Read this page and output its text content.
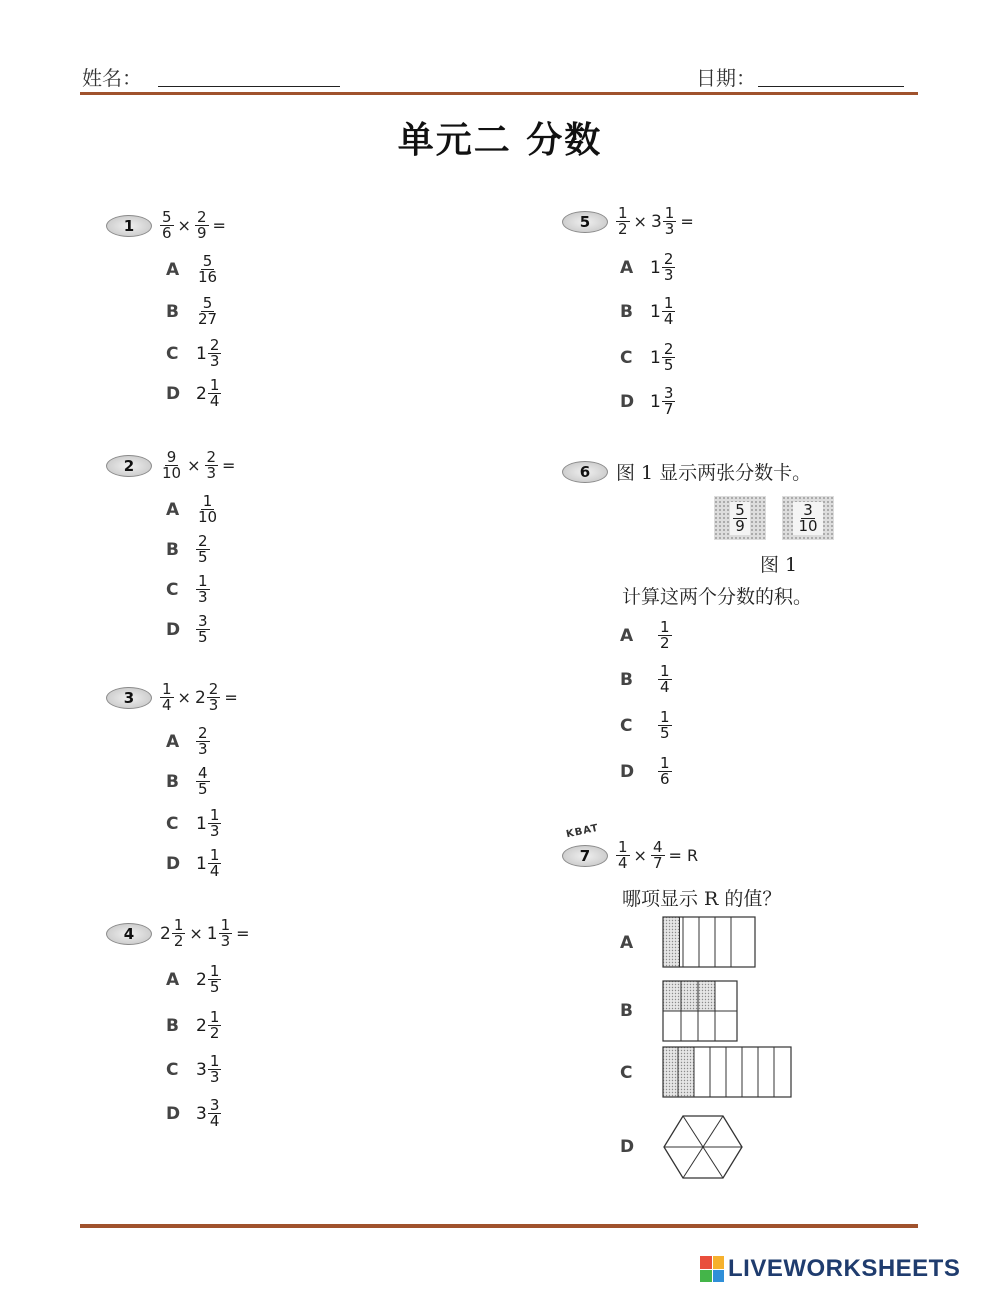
姓名：	日期：
单元二 分数
1	$\frac{5}{6} \times \frac{2}{9}$ =
A	$\frac{5}{16}$
B	$\frac{5}{27}$
C	$1 \frac{2}{3}$
D $2 \frac{1}{4}$
2	$\frac{9}{10} \times \frac{2}{3}$ =
A	$\frac{1}{10}$
B	$\frac{2}{5}$
C	$\frac{1}{3}$
D	$\frac{3}{5}$
3	$\frac{1}{4} \times 2 \frac{2}{3}$ =
A	$\frac{2}{3}$
B	$\frac{4}{5}$
C	$1 \frac{1}{3}$
D $1 \frac{1}{4}$
4	$2 \frac{1}{2} \times 1 \frac{1}{3}$ =
A $2 \frac{1}{5}$
B	$2 \frac{1}{2}$
C	$3 \frac{1}{3}$
D $3 \frac{3}{4}$
5	$\frac{1}{2} \times 3 \frac{1}{3}$ =
A $1 \frac{2}{3}$
B	$1 \frac{1}{4}$
C	$1 \frac{2}{5}$
D $1 \frac{3}{7}$
6	图 1 显示两张分数卡。
$\frac{5}{9}$	$\frac{3}{10}$
图 1
计算这两个分数的积。
A	$\frac{1}{2}$
B	$\frac{1}{4}$
C	$\frac{1}{5}$
D	$\frac{1}{6}$
KBAT
7	$\frac{1}{4} \times \frac{4}{7} = R$
哪项显示 R 的值？
A
B
C
D
LIVEWORKSHEETS
